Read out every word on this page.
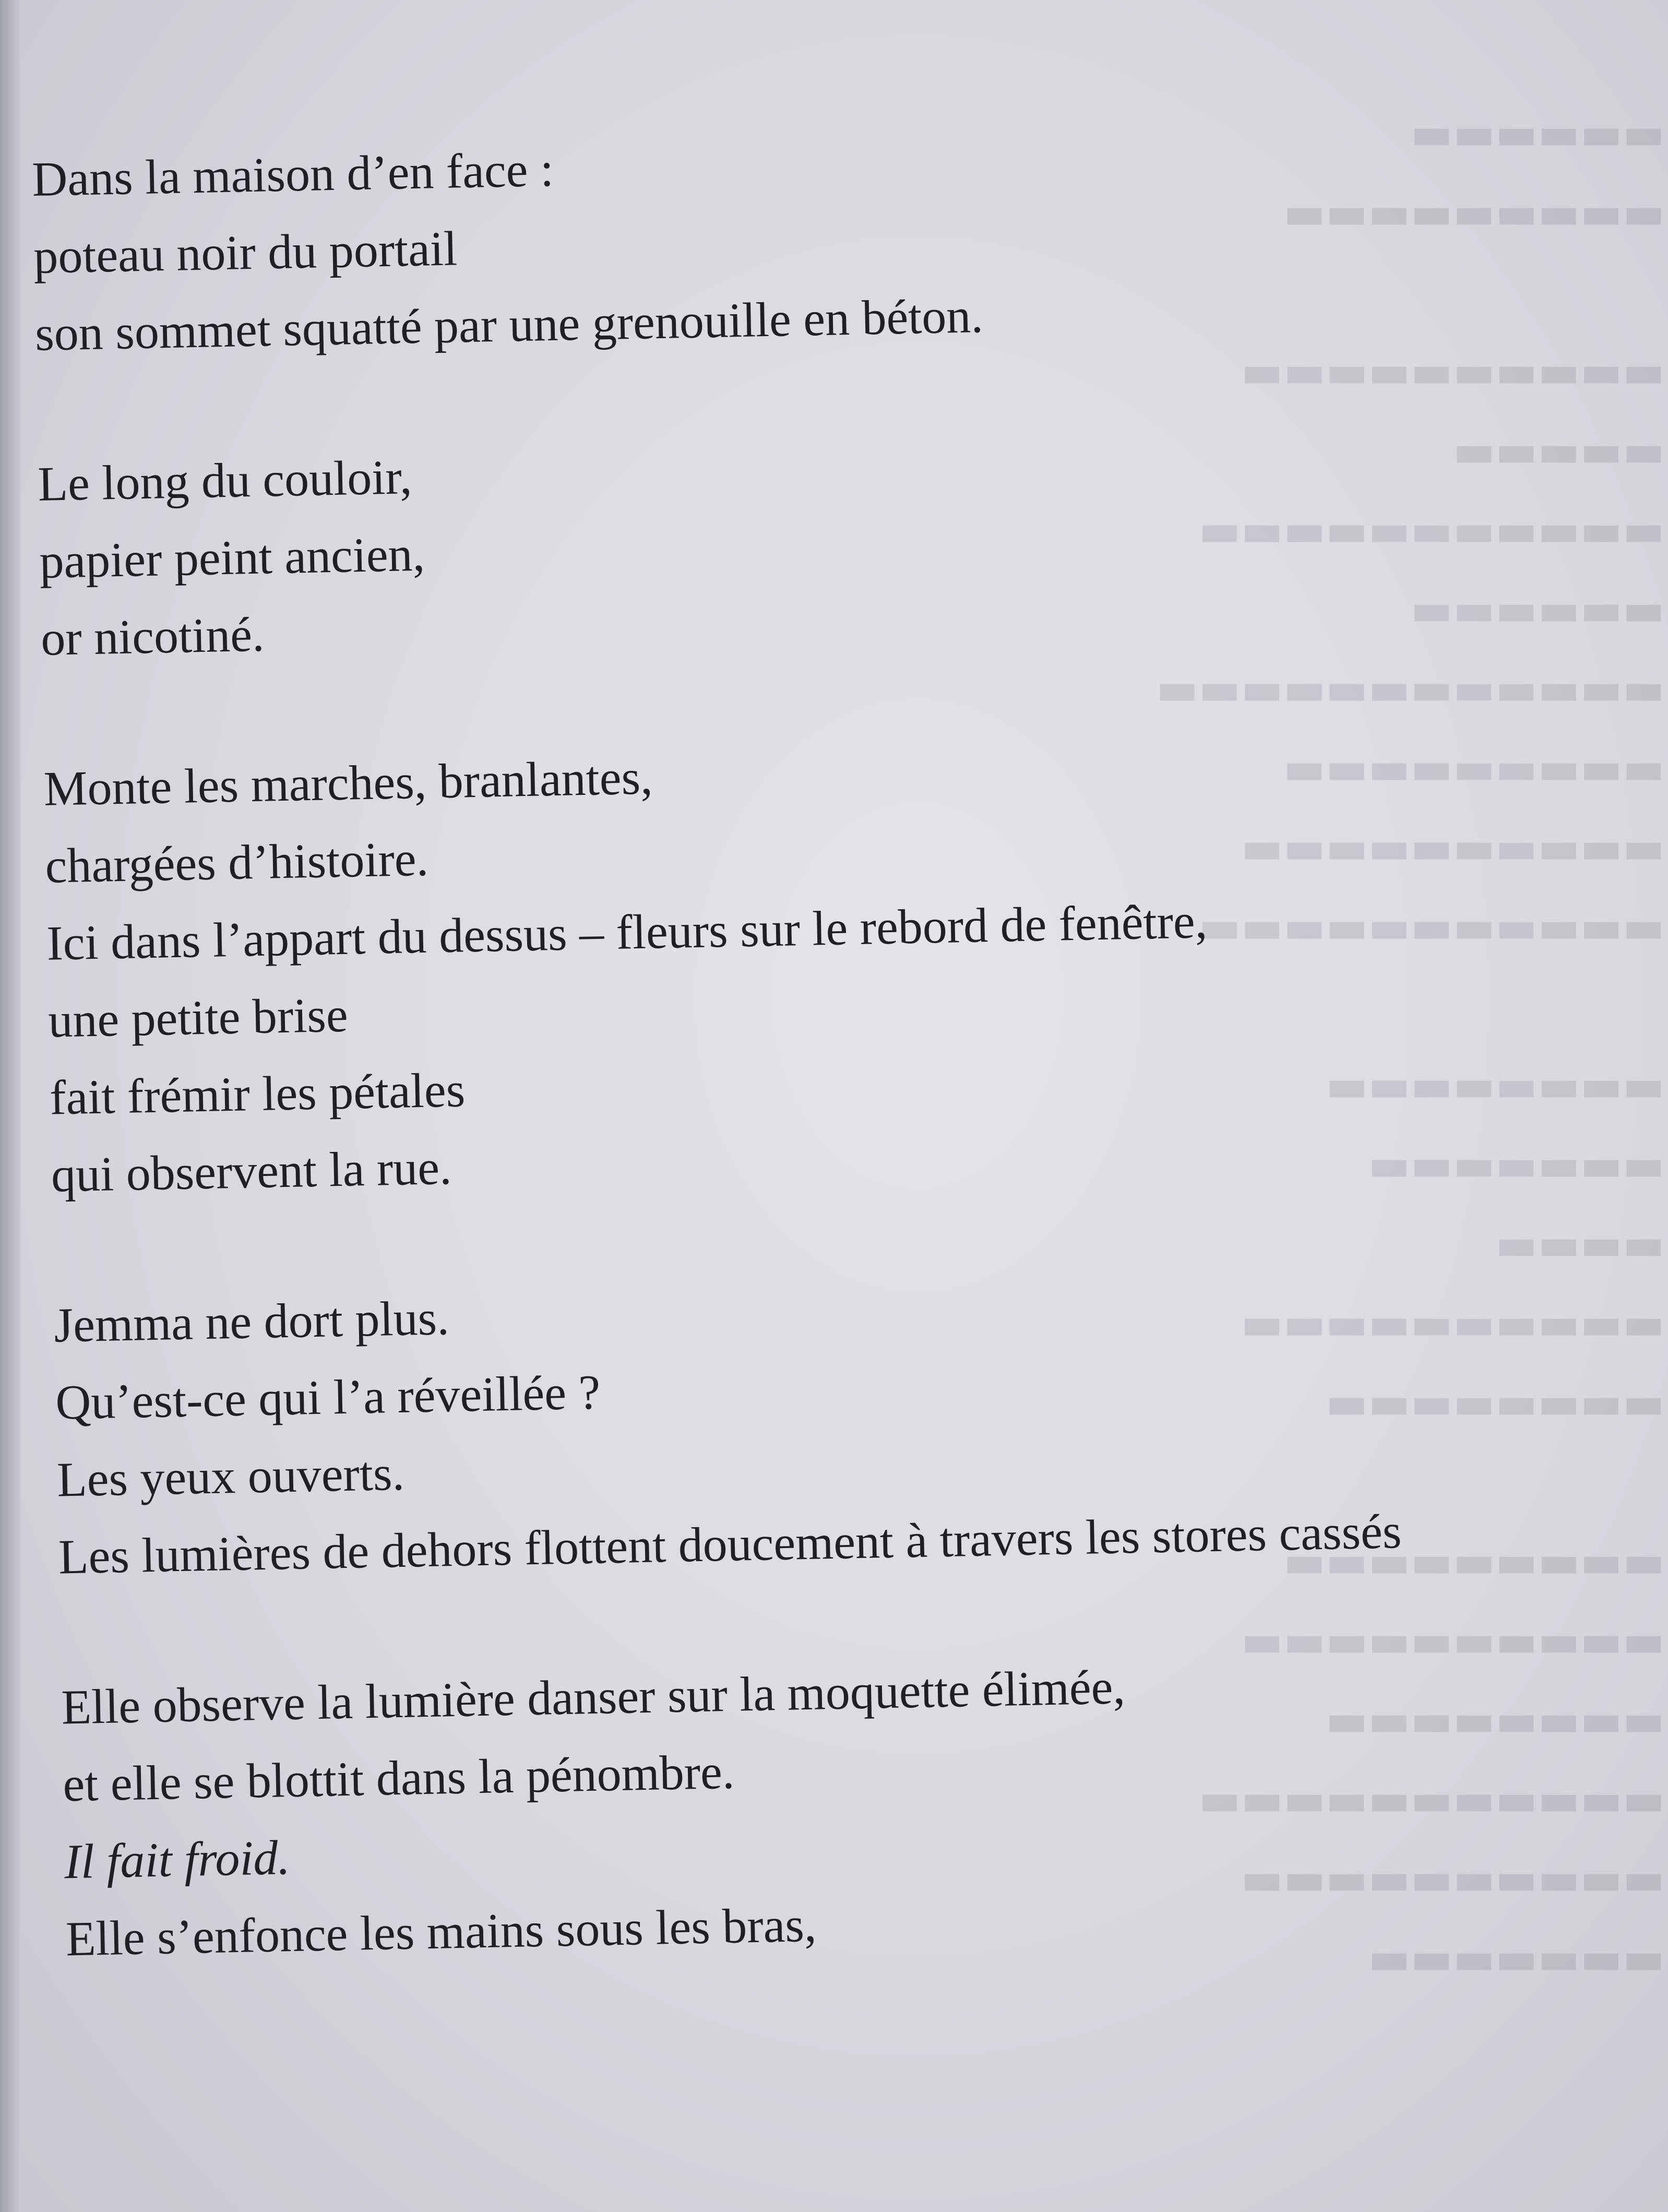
▬▬▬▬▬▬
▬▬▬▬▬▬▬▬▬

▬▬▬▬▬▬▬▬▬▬
▬▬▬▬▬
▬▬▬▬▬▬▬▬▬▬▬
▬▬▬▬▬▬
▬▬▬▬▬▬▬▬▬▬▬▬
▬▬▬▬▬▬▬▬▬
▬▬▬▬▬▬▬▬▬▬
▬▬▬▬▬▬▬▬▬▬▬

▬▬▬▬▬▬▬▬
▬▬▬▬▬▬▬
▬▬▬▬
▬▬▬▬▬▬▬▬▬▬
▬▬▬▬▬▬▬▬

▬▬▬▬▬▬▬▬▬
▬▬▬▬▬▬▬▬▬▬
▬▬▬▬▬▬▬▬
▬▬▬▬▬▬▬▬▬▬▬
▬▬▬▬▬▬▬▬▬▬
▬▬▬▬▬▬▬
Dans la maison d’en face :
poteau noir du portail
son sommet squatté par une grenouille en béton.
Le long du couloir,
papier peint ancien,
or nicotiné.
Monte les marches, branlantes,
chargées d’histoire.
Ici dans l’appart du dessus – fleurs sur le rebord de fenêtre,
une petite brise
fait frémir les pétales
qui observent la rue.
Jemma ne dort plus.
Qu’est-ce qui l’a réveillée ?
Les yeux ouverts.
Les lumières de dehors flottent doucement à travers les stores cassés
Elle observe la lumière danser sur la moquette élimée,
et elle se blottit dans la pénombre.
Il fait froid.
Elle s’enfonce les mains sous les bras,
